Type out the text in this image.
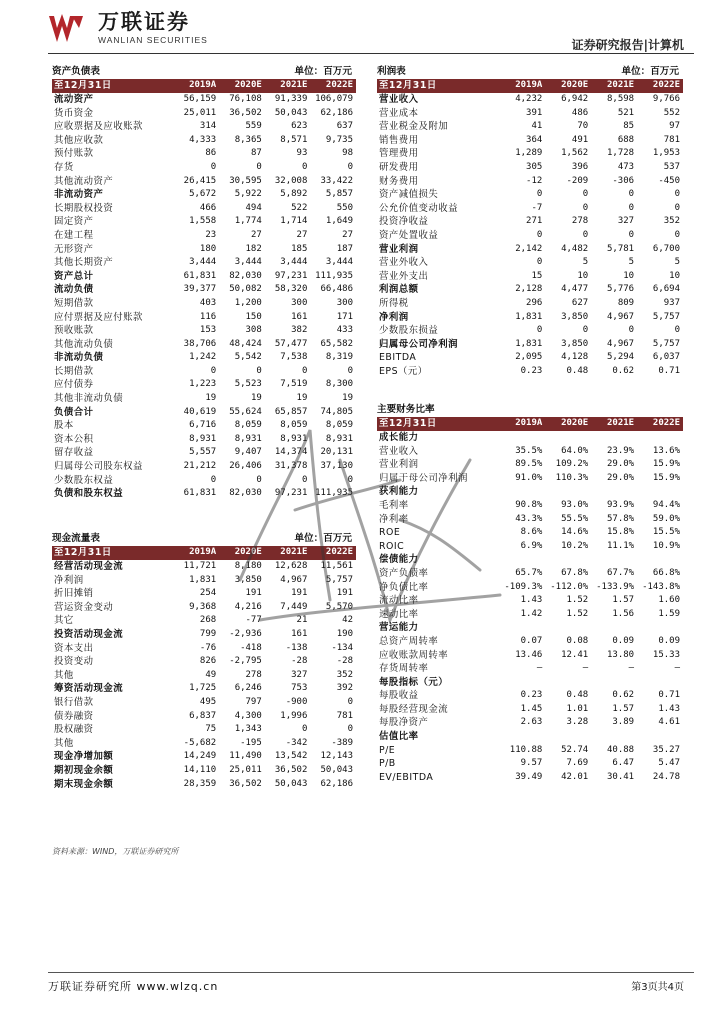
万联证券
WANLIAN SECURITIES	证券研究报告|计算机
资产负债表		单位：百万元		
至12月31日	2019A	2020E	2021E	2022E
流动资产	56,159	76,108	91,339	106,079
货币资金	25,011	36,502	50,043	62,186
应收票据及应收账款	314	559	623	637
其他应收款	4,333	8,365	8,571	9,735
预付账款	86	87	93	98
存货	0	0	0	0
其他流动资产	26,415	30,595	32,008	33,422
非流动资产	5,672	5,922	5,892	5,857
长期股权投资	466	494	522	550
固定资产	1,558	1,774	1,714	1,649
在建工程	23	27	27	27
无形资产	180	182	185	187
其他长期资产	3,444	3,444	3,444	3,444
资产总计	61,831	82,030	97,231	111,935
流动负债	39,377	50,082	58,320	66,486
短期借款	403	1,200	300	300
应付票据及应付账款	116	150	161	171
预收账款	153	308	382	433
其他流动负债	38,706	48,424	57,477	65,582
非流动负债	1,242	5,542	7,538	8,319
长期借款	0	0	0	0
应付债券	1,223	5,523	7,519	8,300
其他非流动负债	19	19	19	19
负债合计	40,619	55,624	65,857	74,805
股本	6,716	8,059	8,059	8,059
资本公积	8,931	8,931	8,931	8,931
留存收益	5,557	9,407	14,374	20,131
归属母公司股东权益	21,212	26,406	31,378	37,130
少数股东权益	0	0	0	0
负债和股东权益	61,831	82,030	97,231	111,935
利润表		单位：百万元		
至12月31日	2019A	2020E	2021E	2022E
营业收入	4,232	6,942	8,598	9,766
营业成本	391	486	521	552
营业税金及附加	41	70	85	97
销售费用	364	491	688	781
管理费用	1,289	1,562	1,728	1,953
研发费用	305	396	473	537
财务费用	-12	-209	-306	-450
资产减值损失	0	0	0	0
公允价值变动收益	-7	0	0	0
投资净收益	271	278	327	352
资产处置收益	0	0	0	0
营业利润	2,142	4,482	5,781	6,700
营业外收入	0	5	5	5
营业外支出	15	10	10	10
利润总额	2,128	4,477	5,776	6,694
所得税	296	627	809	937
净利润	1,831	3,850	4,967	5,757
少数股东损益	0	0	0	0
归属母公司净利润	1,831	3,850	4,967	5,757
EBITDA	2,095	4,128	5,294	6,037
EPS（元）	0.23	0.48	0.62	0.71
主要财务比率				
至12月31日	2019A	2020E	2021E	2022E
成长能力				
营业收入	35.5%	64.0%	23.9%	13.6%
营业利润	89.5%	109.2%	29.0%	15.9%
归属于母公司净利润	91.0%	110.3%	29.0%	15.9%
获利能力				
毛利率	90.8%	93.0%	93.9%	94.4%
净利率	43.3%	55.5%	57.8%	59.0%
ROE	8.6%	14.6%	15.8%	15.5%
ROIC	6.9%	10.2%	11.1%	10.9%
偿债能力				
资产负债率	65.7%	67.8%	67.7%	66.8%
净负债比率	-109.3%	-112.0%	-133.9%	-143.8%
流动比率	1.43	1.52	1.57	1.60
速动比率	1.42	1.52	1.56	1.59
营运能力				
总资产周转率	0.07	0.08	0.09	0.09
应收账款周转率	13.46	12.41	13.80	15.33
存货周转率	—	—	—	—
每股指标（元）				
每股收益	0.23	0.48	0.62	0.71
每股经营现金流	1.45	1.01	1.57	1.43
每股净资产	2.63	3.28	3.89	4.61
估值比率				
P/E	110.88	52.74	40.88	35.27
P/B	9.57	7.69	6.47	5.47
EV/EBITDA	39.49	42.01	30.41	24.78
现金流量表		单位：百万元		
至12月31日	2019A	2020E	2021E	2022E
经营活动现金流	11,721	8,180	12,628	11,561
净利润	1,831	3,850	4,967	5,757
折旧摊销	254	191	191	191
营运资金变动	9,368	4,216	7,449	5,570
其它	268	-77	21	42
投资活动现金流	799	-2,936	161	190
资本支出	-76	-418	-138	-134
投资变动	826	-2,795	-28	-28
其他	49	278	327	352
筹资活动现金流	1,725	6,246	753	392
银行借款	495	797	-900	0
债券融资	6,837	4,300	1,996	781
股权融资	75	1,343	0	0
其他	-5,682	-195	-342	-389
现金净增加额	14,249	11,490	13,542	12,143
期初现金余额	14,110	25,011	36,502	50,043
期末现金余额	28,359	36,502	50,043	62,186
资料来源：WIND，万联证券研究所
万联证券研究所 www.wlzq.cn	第3页共4页
